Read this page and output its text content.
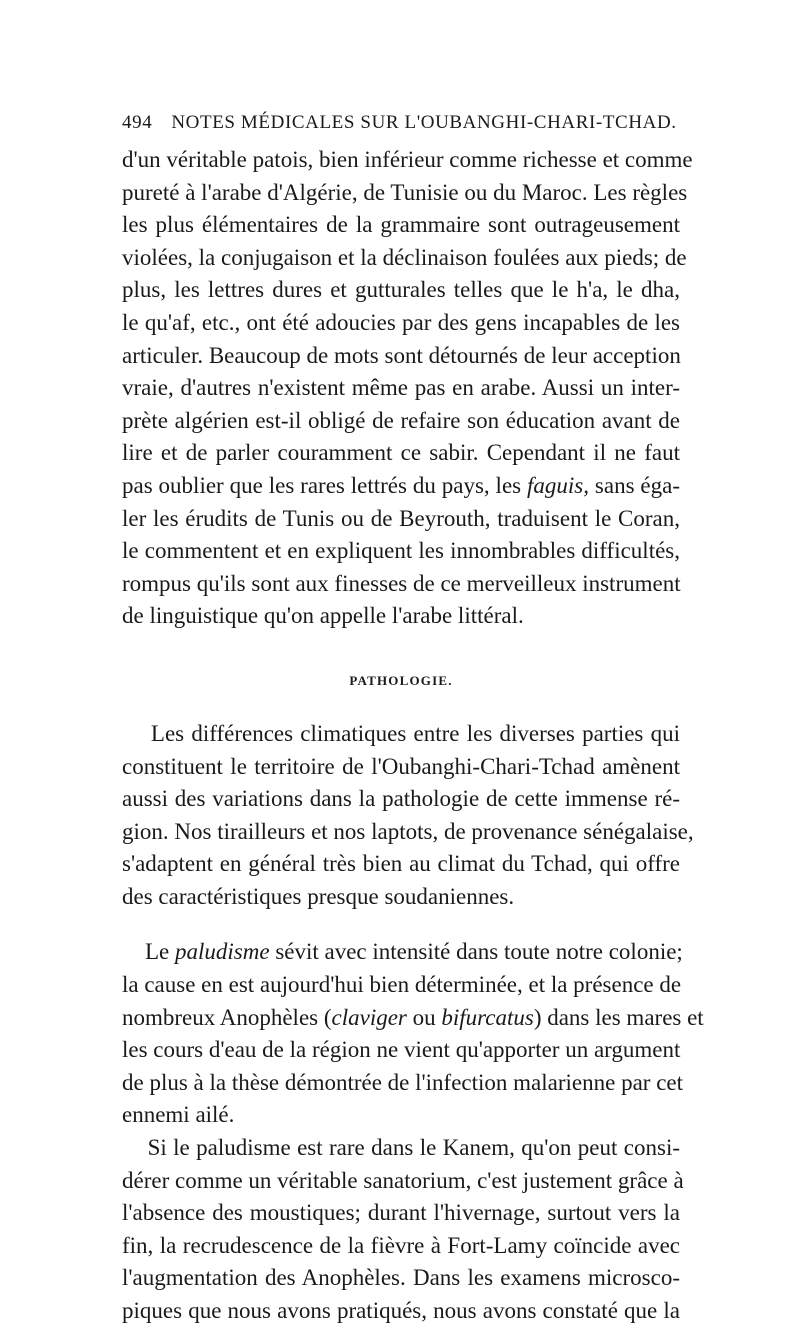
494	NOTES MÉDICALES SUR L'OUBANGHI-CHARI-TCHAD.

d'un véritable patois, bien inférieur comme richesse et comme
pureté à l'arabe d'Algérie, de Tunisie ou du Maroc. Les règles
les plus élémentaires de la grammaire sont outrageusement
violées, la conjugaison et la déclinaison foulées aux pieds; de
plus, les lettres dures et gutturales telles que le h'a, le dha,
le qu'af, etc., ont été adoucies par des gens incapables de les
articuler. Beaucoup de mots sont détournés de leur acception
vraie, d'autres n'existent même pas en arabe. Aussi un inter-
prète algérien est-il obligé de refaire son éducation avant de
lire et de parler couramment ce sabir. Cependant il ne faut
pas oublier que les rares lettrés du pays, les faguis, sans éga-
ler les érudits de Tunis ou de Beyrouth, traduisent le Coran,
le commentent et en expliquent les innombrables difficultés,
rompus qu'ils sont aux finesses de ce merveilleux instrument
de linguistique qu'on appelle l'arabe littéral.

PATHOLOGIE.

Les différences climatiques entre les diverses parties qui
constituent le territoire de l'Oubanghi-Chari-Tchad amènent
aussi des variations dans la pathologie de cette immense ré-
gion. Nos tirailleurs et nos laptots, de provenance sénégalaise,
s'adaptent en général très bien au climat du Tchad, qui offre
des caractéristiques presque soudaniennes.

Le paludisme sévit avec intensité dans toute notre colonie;
la cause en est aujourd'hui bien déterminée, et la présence de
nombreux Anophèles (claviger ou bifurcatus) dans les mares et
les cours d'eau de la région ne vient qu'apporter un argument
de plus à la thèse démontrée de l'infection malarienne par cet
ennemi ailé.

Si le paludisme est rare dans le Kanem, qu'on peut consi-
dérer comme un véritable sanatorium, c'est justement grâce à
l'absence des moustiques; durant l'hivernage, surtout vers la
fin, la recrudescence de la fièvre à Fort-Lamy coïncide avec
l'augmentation des Anophèles. Dans les examens microsco-
piques que nous avons pratiqués, nous avons constaté que la
